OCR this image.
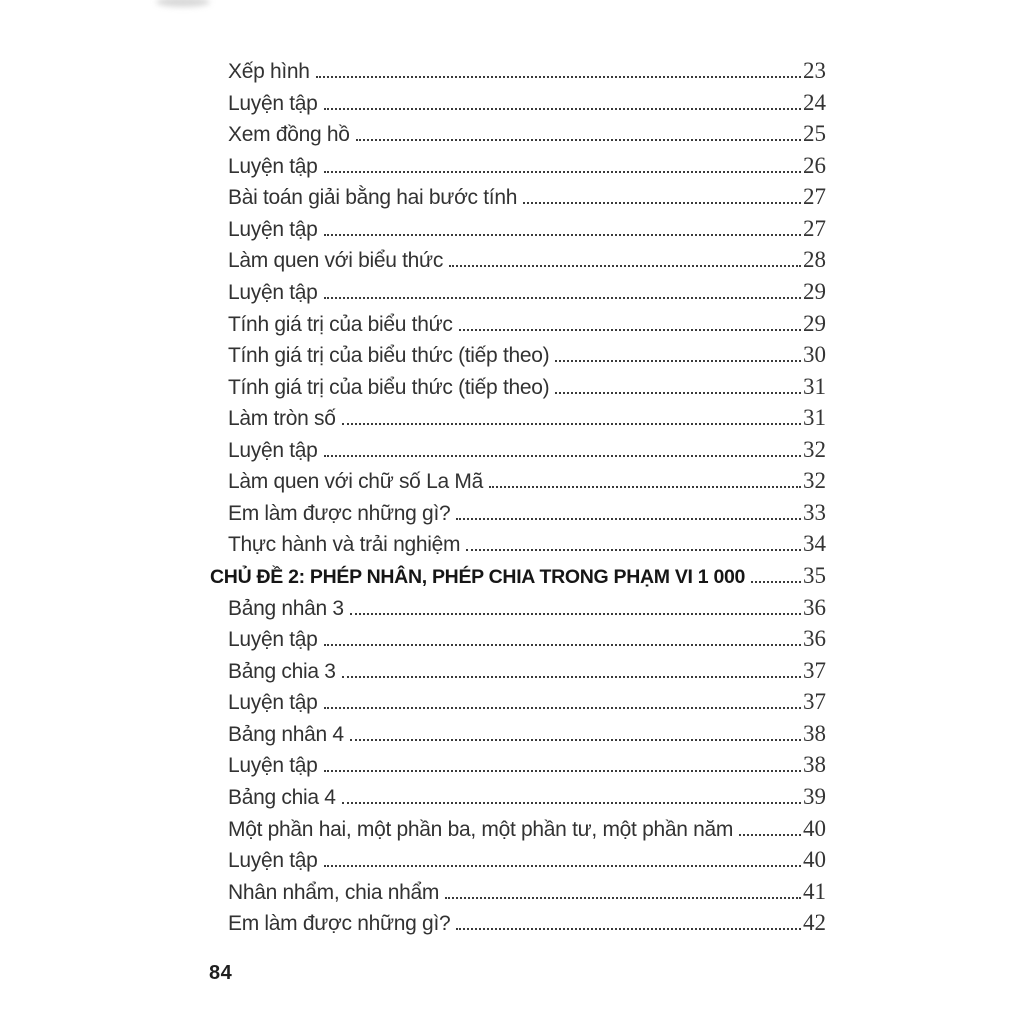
Xếp hình	23
Luyện tập	24
Xem đồng hồ	25
Luyện tập	26
Bài toán giải bằng hai bước tính	27
Luyện tập	27
Làm quen với biểu thức	28
Luyện tập	29
Tính giá trị của biểu thức	29
Tính giá trị của biểu thức (tiếp theo)	30
Tính giá trị của biểu thức (tiếp theo)	31
Làm tròn số	31
Luyện tập	32
Làm quen với chữ số La Mã	32
Em làm được những gì?	33
Thực hành và trải nghiệm	34
CHỦ ĐỀ 2: PHÉP NHÂN, PHÉP CHIA TRONG PHẠM VI 1 000	35
Bảng nhân 3	36
Luyện tập	36
Bảng chia 3	37
Luyện tập	37
Bảng nhân 4	38
Luyện tập	38
Bảng chia 4	39
Một phần hai, một phần ba, một phần tư, một phần năm	40
Luyện tập	40
Nhân nhẩm, chia nhẩm	41
Em làm được những gì?	42
84
